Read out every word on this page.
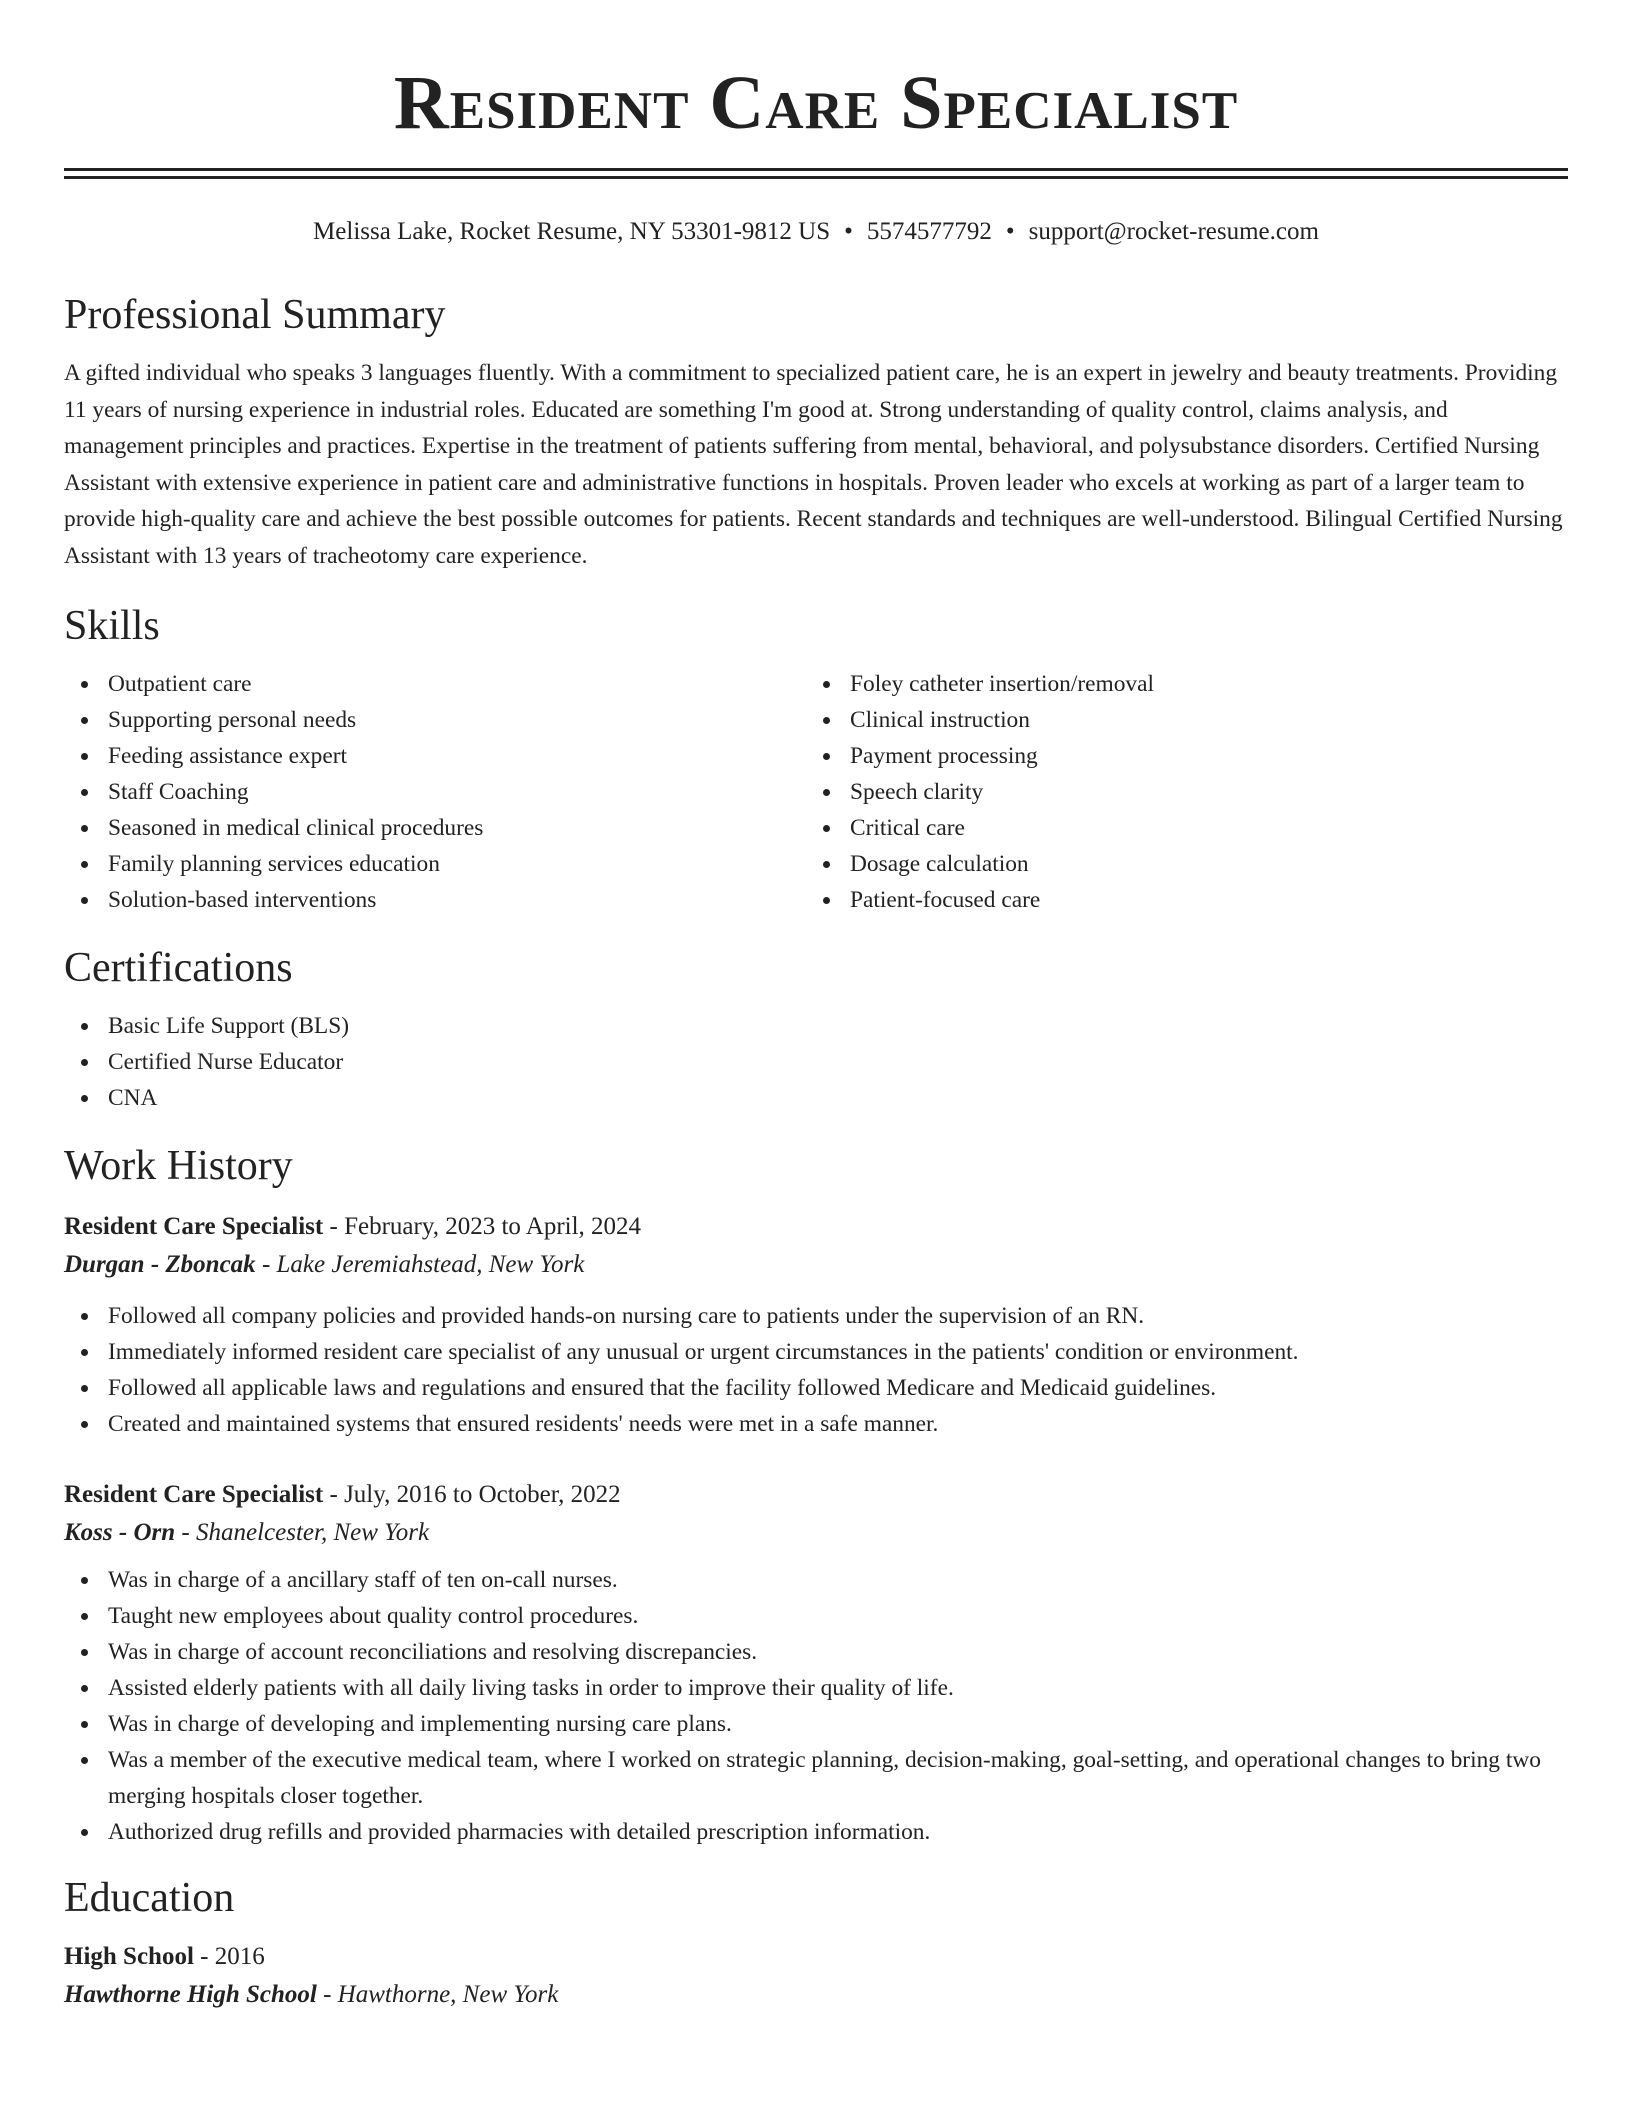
Resident Care Specialist
Melissa Lake, Rocket Resume, NY 53301-9812 US • 5574577792 • support@rocket-resume.com
Professional Summary

A gifted individual who speaks 3 languages fluently. With a commitment to specialized patient care, he is an expert in jewelry and beauty treatments. Providing 11 years of nursing experience in industrial roles. Educated are something I'm good at. Strong understanding of quality control, claims analysis, and management principles and practices. Expertise in the treatment of patients suffering from mental, behavioral, and polysubstance disorders. Certified Nursing Assistant with extensive experience in patient care and administrative functions in hospitals. Proven leader who excels at working as part of a larger team to provide high-quality care and achieve the best possible outcomes for patients. Recent standards and techniques are well-understood. Bilingual Certified Nursing Assistant with 13 years of tracheotomy care experience.

Skills
Outpatient care
Supporting personal needs
Feeding assistance expert
Staff Coaching
Seasoned in medical clinical procedures
Family planning services education
Solution-based interventions
Foley catheter insertion/removal
Clinical instruction
Payment processing
Speech clarity
Critical care
Dosage calculation
Patient-focused care
Certifications
Basic Life Support (BLS)
Certified Nurse Educator
CNA
Work History
Resident Care Specialist - February, 2023 to April, 2024
Durgan - Zboncak - Lake Jeremiahstead, New York
Followed all company policies and provided hands-on nursing care to patients under the supervision of an RN.
Immediately informed resident care specialist of any unusual or urgent circumstances in the patients' condition or environment.
Followed all applicable laws and regulations and ensured that the facility followed Medicare and Medicaid guidelines.
Created and maintained systems that ensured residents' needs were met in a safe manner.
Resident Care Specialist - July, 2016 to October, 2022
Koss - Orn - Shanelcester, New York
Was in charge of a ancillary staff of ten on-call nurses.
Taught new employees about quality control procedures.
Was in charge of account reconciliations and resolving discrepancies.
Assisted elderly patients with all daily living tasks in order to improve their quality of life.
Was in charge of developing and implementing nursing care plans.
Was a member of the executive medical team, where I worked on strategic planning, decision-making, goal-setting, and operational changes to bring two merging hospitals closer together.
Authorized drug refills and provided pharmacies with detailed prescription information.
Education
High School - 2016
Hawthorne High School - Hawthorne, New York
